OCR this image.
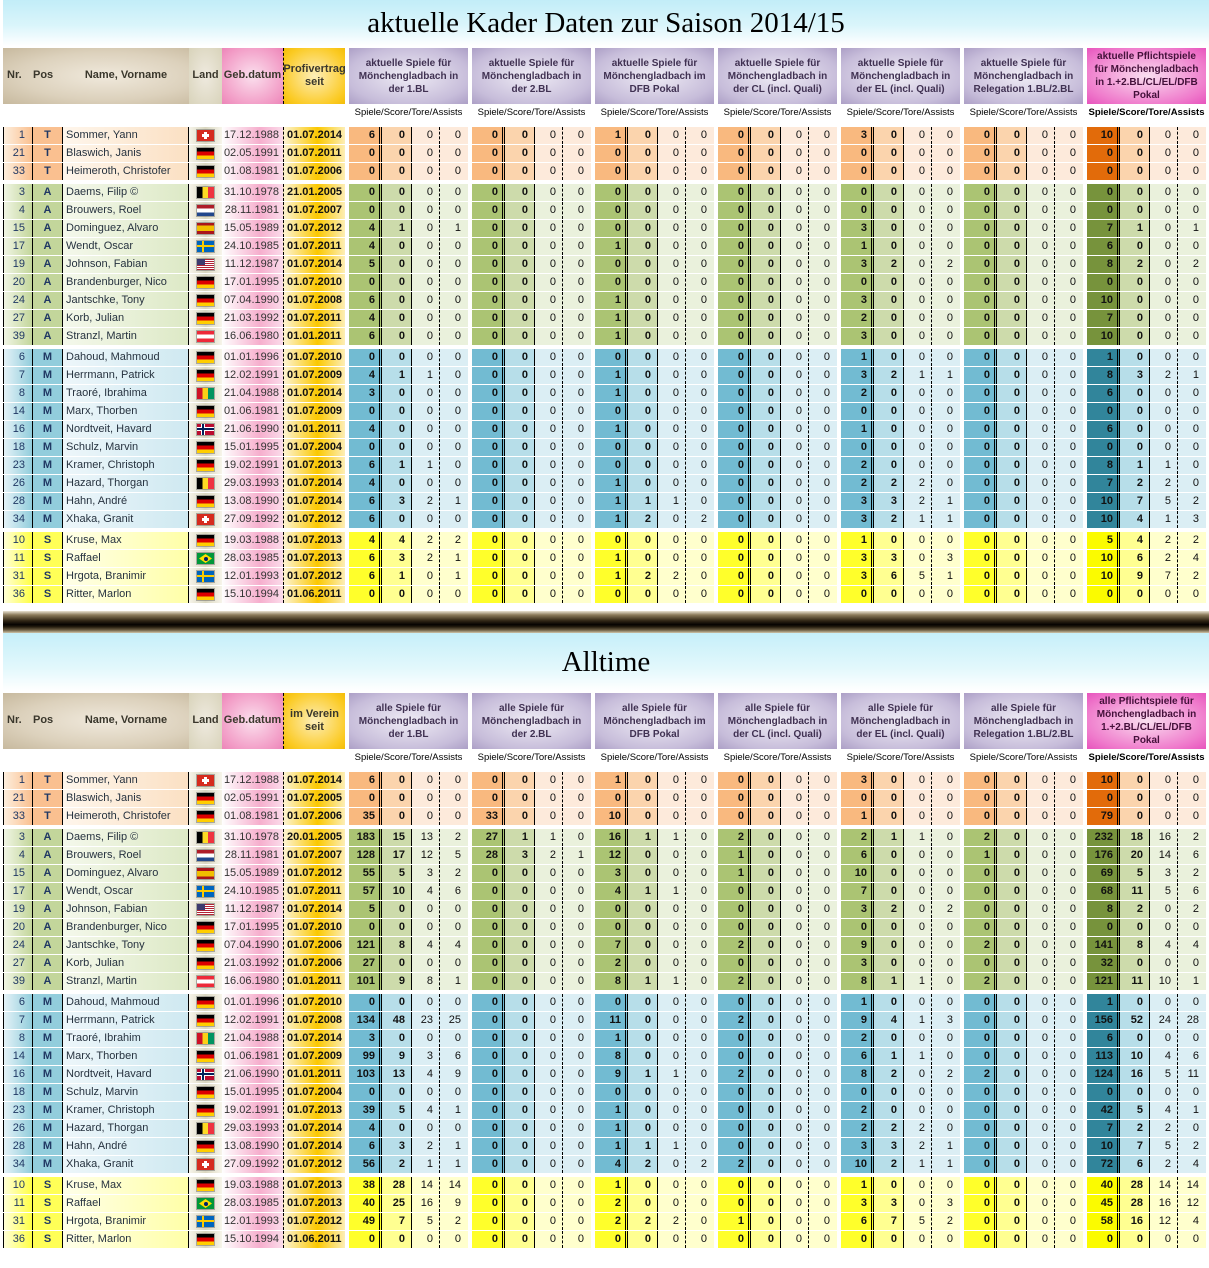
aktuelle Kader Daten zur Saison 2014/15
Nr.	Pos	Name, Vorname	Land Geb.datum
Profivertrag seit
aktuelle Spiele für Mönchengladbach in der 1.BL
Spiele/Score/Tore/Assists
aktuelle Spiele für Mönchengladbach in der 2.BL
Spiele/Score/Tore/Assists
aktuelle Spiele für Mönchengladbach im DFB Pokal
Spiele/Score/Tore/Assists
aktuelle Spiele für Mönchengladbach in der CL (incl. Quali)
Spiele/Score/Tore/Assists
aktuelle Spiele für Mönchengladbach in der EL (incl. Quali)
Spiele/Score/Tore/Assists
aktuelle Spiele für Mönchengladbach in Relegation 1.BL/2.BL
Spiele/Score/Tore/Assists
aktuelle Pflichtspiele für Mönchengladbach in 1.+2.BL/CL/EL/DFB Pokal
Spiele/Score/Tore/Assists
1	T	Sommer, Yann	17.12.1988 01.07.2014	6	0	0	0	0	0	0	0	1	0	0	0	0	0	0	0	3	0	0	0	0	0	0	0	10	0	0	0
21	T	Blaswich, Janis	02.05.1991 01.07.2011	0	0	0	0	0	0	0	0	0	0	0	0	0	0	0	0	0	0	0	0	0	0	0	0	0	0	0	0
33	T	Heimeroth, Christofer	01.08.1981 01.07.2006	0	0	0	0	0	0	0	0	0	0	0	0	0	0	0	0	0	0	0	0	0	0	0	0	0	0	0	0
3	A	Daems, Filip ©	31.10.1978 21.01.2005	0	0	0	0	0	0	0	0	0	0	0	0	0	0	0	0	0	0	0	0	0	0	0	0	0	0	0	0
4	A	Brouwers, Roel	28.11.1981 01.07.2007	0	0	0	0	0	0	0	0	0	0	0	0	0	0	0	0	0	0	0	0	0	0	0	0	0	0	0	0
15	A	Dominguez, Alvaro	15.05.1989 01.07.2012	4	1	0	1	0	0	0	0	0	0	0	0	0	0	0	0	3	0	0	0	0	0	0	0	7	1	0	1
17	A	Wendt, Oscar	24.10.1985 01.07.2011	4	0	0	0	0	0	0	0	1	0	0	0	0	0	0	0	1	0	0	0	0	0	0	0	6	0	0	0
19	A	Johnson, Fabian	11.12.1987 01.07.2014	5	0	0	0	0	0	0	0	0	0	0	0	0	0	0	0	3	2	0	2	0	0	0	0	8	2	0	2
20	A	Brandenburger, Nico	17.01.1995 01.07.2010	0	0	0	0	0	0	0	0	0	0	0	0	0	0	0	0	0	0	0	0	0	0	0	0	0	0	0	0
24	A	Jantschke, Tony	07.04.1990 01.07.2008	6	0	0	0	0	0	0	0	1	0	0	0	0	0	0	0	3	0	0	0	0	0	0	0	10	0	0	0
27	A	Korb, Julian	21.03.1992 01.07.2011	4	0	0	0	0	0	0	0	1	0	0	0	0	0	0	0	2	0	0	0	0	0	0	0	7	0	0	0
39	A	Stranzl, Martin	16.06.1980 01.01.2011	6	0	0	0	0	0	0	0	1	0	0	0	0	0	0	0	3	0	0	0	0	0	0	0	10	0	0	0
6	M	Dahoud, Mahmoud	01.01.1996 01.07.2010	0	0	0	0	0	0	0	0	0	0	0	0	0	0	0	0	1	0	0	0	0	0	0	0	1	0	0	0
7	M	Herrmann, Patrick	12.02.1991 01.07.2009	4	1	1	0	0	0	0	0	1	0	0	0	0	0	0	0	3	2	1	1	0	0	0	0	8	3	2	1
8	M	Traoré, Ibrahima	21.04.1988 01.07.2014	3	0	0	0	0	0	0	0	1	0	0	0	0	0	0	0	2	0	0	0	0	0	0	0	6	0	0	0
14	M	Marx, Thorben	01.06.1981 01.07.2009	0	0	0	0	0	0	0	0	0	0	0	0	0	0	0	0	0	0	0	0	0	0	0	0	0	0	0	0
16	M	Nordtveit, Havard	21.06.1990 01.01.2011	4	0	0	0	0	0	0	0	1	0	0	0	0	0	0	0	1	0	0	0	0	0	0	0	6	0	0	0
18	M	Schulz, Marvin	15.01.1995 01.07.2004	0	0	0	0	0	0	0	0	0	0	0	0	0	0	0	0	0	0	0	0	0	0	0	0	0	0	0	0
23	M	Kramer, Christoph	19.02.1991 01.07.2013	6	1	1	0	0	0	0	0	0	0	0	0	0	0	0	0	2	0	0	0	0	0	0	0	8	1	1	0
26	M	Hazard, Thorgan	29.03.1993 01.07.2014	4	0	0	0	0	0	0	0	1	0	0	0	0	0	0	0	2	2	2	0	0	0	0	0	7	2	2	0
28	M	Hahn, André	13.08.1990 01.07.2014	6	3	2	1	0	0	0	0	1	1	1	0	0	0	0	0	3	3	2	1	0	0	0	0	10	7	5	2
34	M	Xhaka, Granit	27.09.1992 01.07.2012	6	0	0	0	0	0	0	0	1	2	0	2	0	0	0	0	3	2	1	1	0	0	0	0	10	4	1	3
10	S	Kruse, Max	19.03.1988 01.07.2013	4	4	2	2	0	0	0	0	0	0	0	0	0	0	0	0	1	0	0	0	0	0	0	0	5	4	2	2
11	S	Raffael	28.03.1985 01.07.2013	6	3	2	1	0	0	0	0	1	0	0	0	0	0	0	0	3	3	0	3	0	0	0	0	10	6	2	4
31	S	Hrgota, Branimir	12.01.1993 01.07.2012	6	1	0	1	0	0	0	0	1	2	2	0	0	0	0	0	3	6	5	1	0	0	0	0	10	9	7	2
36	S	Ritter, Marlon	15.10.1994 01.06.2011	0	0	0	0	0	0	0	0	0	0	0	0	0	0	0	0	0	0	0	0	0	0	0	0	0	0	0	0
Alltime
Nr.	Pos	Name, Vorname	Land Geb.datum
im Verein seit
alle Spiele für Mönchengladbach in der 1.BL
Spiele/Score/Tore/Assists
alle Spiele für Mönchengladbach in der 2.BL
Spiele/Score/Tore/Assists
alle Spiele für Mönchengladbach im DFB Pokal
Spiele/Score/Tore/Assists
alle Spiele für Mönchengladbach in der CL (incl. Quali)
Spiele/Score/Tore/Assists
alle Spiele für Mönchengladbach in der EL (incl. Quali)
Spiele/Score/Tore/Assists
alle Spiele für Mönchengladbach in Relegation 1.BL/2.BL
Spiele/Score/Tore/Assists
alle Pflichtspiele für Mönchengladbach in 1.+2.BL/CL/EL/DFB Pokal
Spiele/Score/Tore/Assists
1	T	Sommer, Yann	17.12.1988 01.07.2014	6	0	0	0	0	0	0	0	1	0	0	0	0	0	0	0	3	0	0	0	0	0	0	0	10	0	0	0
21	T	Blaswich, Janis	02.05.1991 01.07.2005	0	0	0	0	0	0	0	0	0	0	0	0	0	0	0	0	0	0	0	0	0	0	0	0	0	0	0	0
33	T	Heimeroth, Christofer	01.08.1981 01.07.2006	35	0	0	0	33	0	0	0	10	0	0	0	0	0	0	0	1	0	0	0	0	0	0	0	79	0	0	0
3	A	Daems, Filip ©	31.10.1978 20.01.2005	183	15	13	2	27	1	1	0	16	1	1	0	2	0	0	0	2	1	1	0	2	0	0	0	232	18	16	2
4	A	Brouwers, Roel	28.11.1981 01.07.2007	128	17	12	5	28	3	2	1	12	0	0	0	1	0	0	0	6	0	0	0	1	0	0	0	176	20	14	6
15	A	Dominguez, Alvaro	15.05.1989 01.07.2012	55	5	3	2	0	0	0	0	3	0	0	0	1	0	0	0	10	0	0	0	0	0	0	0	69	5	3	2
17	A	Wendt, Oscar	24.10.1985 01.07.2011	57	10	4	6	0	0	0	0	4	1	1	0	0	0	0	0	7	0	0	0	0	0	0	0	68	11	5	6
19	A	Johnson, Fabian	11.12.1987 01.07.2014	5	0	0	0	0	0	0	0	0	0	0	0	0	0	0	0	3	2	0	2	0	0	0	0	8	2	0	2
20	A	Brandenburger, Nico	17.01.1995 01.07.2010	0	0	0	0	0	0	0	0	0	0	0	0	0	0	0	0	0	0	0	0	0	0	0	0	0	0	0	0
24	A	Jantschke, Tony	07.04.1990 01.07.2006	121	8	4	4	0	0	0	0	7	0	0	0	2	0	0	0	9	0	0	0	2	0	0	0	141	8	4	4
27	A	Korb, Julian	21.03.1992 01.07.2006	27	0	0	0	0	0	0	0	2	0	0	0	0	0	0	0	3	0	0	0	0	0	0	0	32	0	0	0
39	A	Stranzl, Martin	16.06.1980 01.01.2011	101	9	8	1	0	0	0	0	8	1	1	0	2	0	0	0	8	1	1	0	2	0	0	0	121	11	10	1
6	M	Dahoud, Mahmoud	01.01.1996 01.07.2010	0	0	0	0	0	0	0	0	0	0	0	0	0	0	0	0	1	0	0	0	0	0	0	0	1	0	0	0
7	M	Herrmann, Patrick	12.02.1991 01.07.2008	134	48	23	25	0	0	0	0	11	0	0	0	2	0	0	0	9	4	1	3	0	0	0	0	156	52	24	28
8	M	Traoré, Ibrahim	21.04.1988 01.07.2014	3	0	0	0	0	0	0	0	1	0	0	0	0	0	0	0	2	0	0	0	0	0	0	0	6	0	0	0
14	M	Marx, Thorben	01.06.1981 01.07.2009	99	9	3	6	0	0	0	0	8	0	0	0	0	0	0	0	6	1	1	0	0	0	0	0	113	10	4	6
16	M	Nordtveit, Havard	21.06.1990 01.01.2011	103	13	4	9	0	0	0	0	9	1	1	0	2	0	0	0	8	2	0	2	2	0	0	0	124	16	5	11
18	M	Schulz, Marvin	15.01.1995 01.07.2004	0	0	0	0	0	0	0	0	0	0	0	0	0	0	0	0	0	0	0	0	0	0	0	0	0	0	0	0
23	M	Kramer, Christoph	19.02.1991 01.07.2013	39	5	4	1	0	0	0	0	1	0	0	0	0	0	0	0	2	0	0	0	0	0	0	0	42	5	4	1
26	M	Hazard, Thorgan	29.03.1993 01.07.2014	4	0	0	0	0	0	0	0	1	0	0	0	0	0	0	0	2	2	2	0	0	0	0	0	7	2	2	0
28	M	Hahn, André	13.08.1990 01.07.2014	6	3	2	1	0	0	0	0	1	1	1	0	0	0	0	0	3	3	2	1	0	0	0	0	10	7	5	2
34	M	Xhaka, Granit	27.09.1992 01.07.2012	56	2	1	1	0	0	0	0	4	2	0	2	2	0	0	0	10	2	1	1	0	0	0	0	72	6	2	4
10	S	Kruse, Max	19.03.1988 01.07.2013	38	28	14	14	0	0	0	0	1	0	0	0	0	0	0	0	1	0	0	0	0	0	0	0	40	28	14	14
11	S	Raffael	28.03.1985 01.07.2013	40	25	16	9	0	0	0	0	2	0	0	0	0	0	0	0	3	3	0	3	0	0	0	0	45	28	16	12
31	S	Hrgota, Branimir	12.01.1993 01.07.2012	49	7	5	2	0	0	0	0	2	2	2	0	1	0	0	0	6	7	5	2	0	0	0	0	58	16	12	4
36	S	Ritter, Marlon	15.10.1994 01.06.2011	0	0	0	0	0	0	0	0	0	0	0	0	0	0	0	0	0	0	0	0	0	0	0	0	0	0	0	0
